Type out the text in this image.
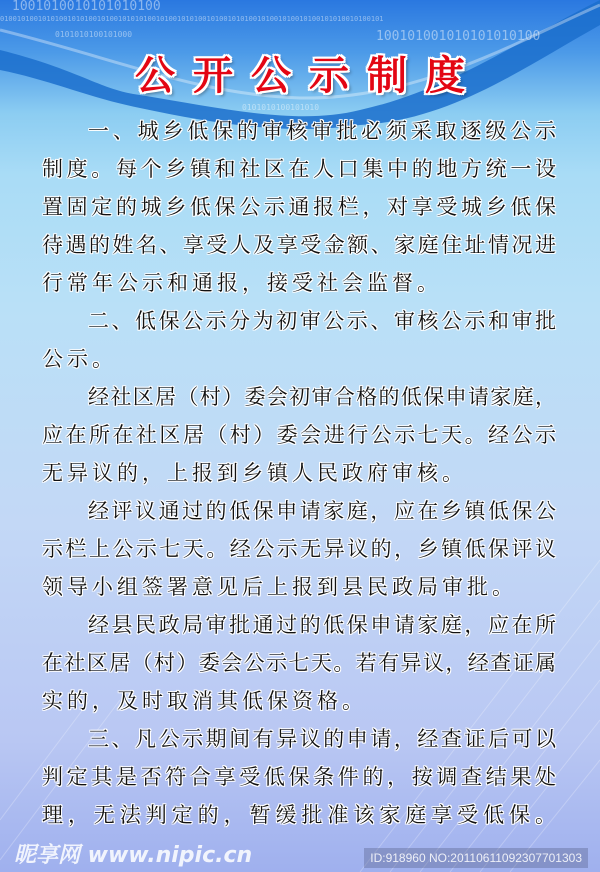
1001010010101010100
0100101001010100101010010100101010100101001010100101001010100101001010010100101010010100101
0101010100101000	100101001010101010100
0101010100101010
公开公示制度
一、城乡低保的审核审批必须采取逐级公示
制度。每个乡镇和社区在人口集中的地方统一设
置固定的城乡低保公示通报栏，对享受城乡低保
待遇的姓名、享受人及享受金额、家庭住址情况进
行常年公示和通报，接受社会监督。
二、低保公示分为初审公示、审核公示和审批
公示。
经社区居（村）委会初审合格的低保申请家庭，
应在所在社区居（村）委会进行公示七天。经公示
无异议的，上报到乡镇人民政府审核。
经评议通过的低保申请家庭，应在乡镇低保公
示栏上公示七天。经公示无异议的，乡镇低保评议
领导小组签署意见后上报到县民政局审批。
经县民政局审批通过的低保申请家庭，应在所
在社区居（村）委会公示七天。若有异议，经查证属
实的，及时取消其低保资格。
三、凡公示期间有异议的申请，经查证后可以
判定其是否符合享受低保条件的，按调查结果处
理，无法判定的，暂缓批准该家庭享受低保。
昵享网 www.nipic.cn	ID:918960 NO:20110611092307701303
